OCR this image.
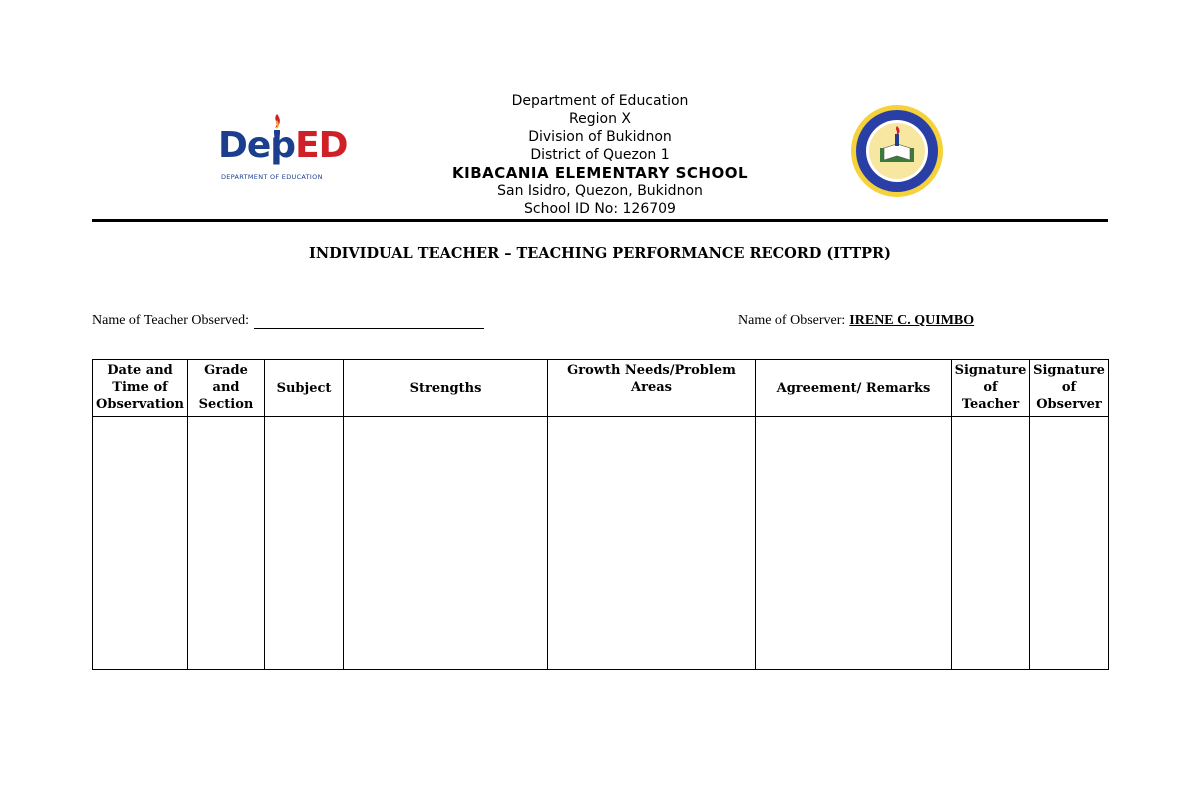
DepED
DEPARTMENT OF EDUCATION
Department of Education
Region X
Division of Bukidnon
District of Quezon 1
KIBACANIA ELEMENTARY SCHOOL
San Isidro, Quezon, Bukidnon
School ID No: 126709
INDIVIDUAL TEACHER – TEACHING PERFORMANCE RECORD (ITTPR)
Name of Teacher Observed:	Name of Observer: IRENE C. QUIMBO
Date and Time of Observation	Grade and Section	Subject	Strengths	Growth Needs/Problem Areas	Agreement/ Remarks	Signature of Teacher	Signature of Observer
